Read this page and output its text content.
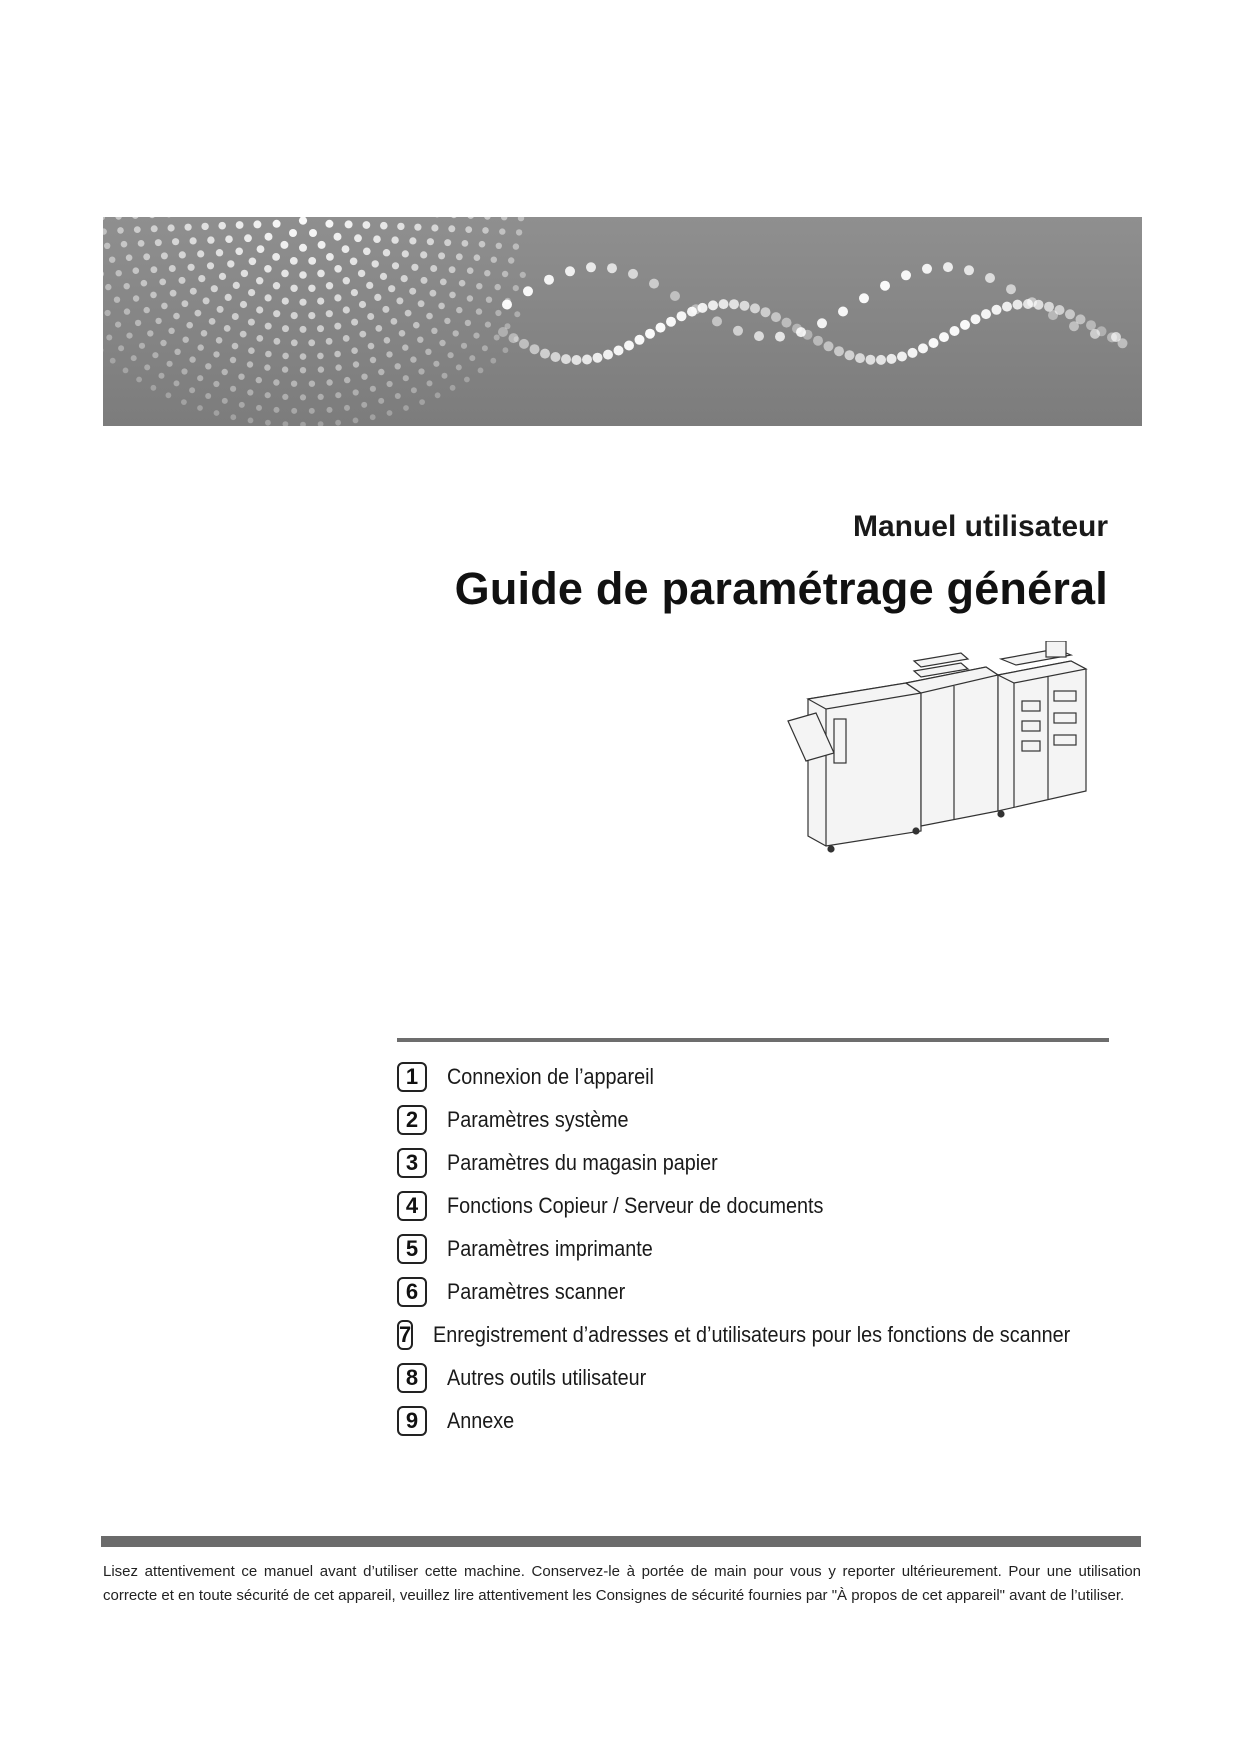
Manuel utilisateur
Guide de paramétrage général
1	Connexion de l’appareil
2	Paramètres système
3	Paramètres du magasin papier
4	Fonctions Copieur / Serveur de documents
5	Paramètres imprimante
6	Paramètres scanner
7 Enregistrement d’adresses et d’utilisateurs pour les fonctions de scanner
8	Autres outils utilisateur
9	Annexe
Lisez attentivement ce manuel avant d’utiliser cette machine. Conservez-le à portée de main pour vous y reporter ultérieurement. Pour une utilisation correcte et en toute sécurité de cet appareil, veuillez lire attentivement les Consignes de sécurité fournies par "À propos de cet appareil" avant de l’utiliser.
